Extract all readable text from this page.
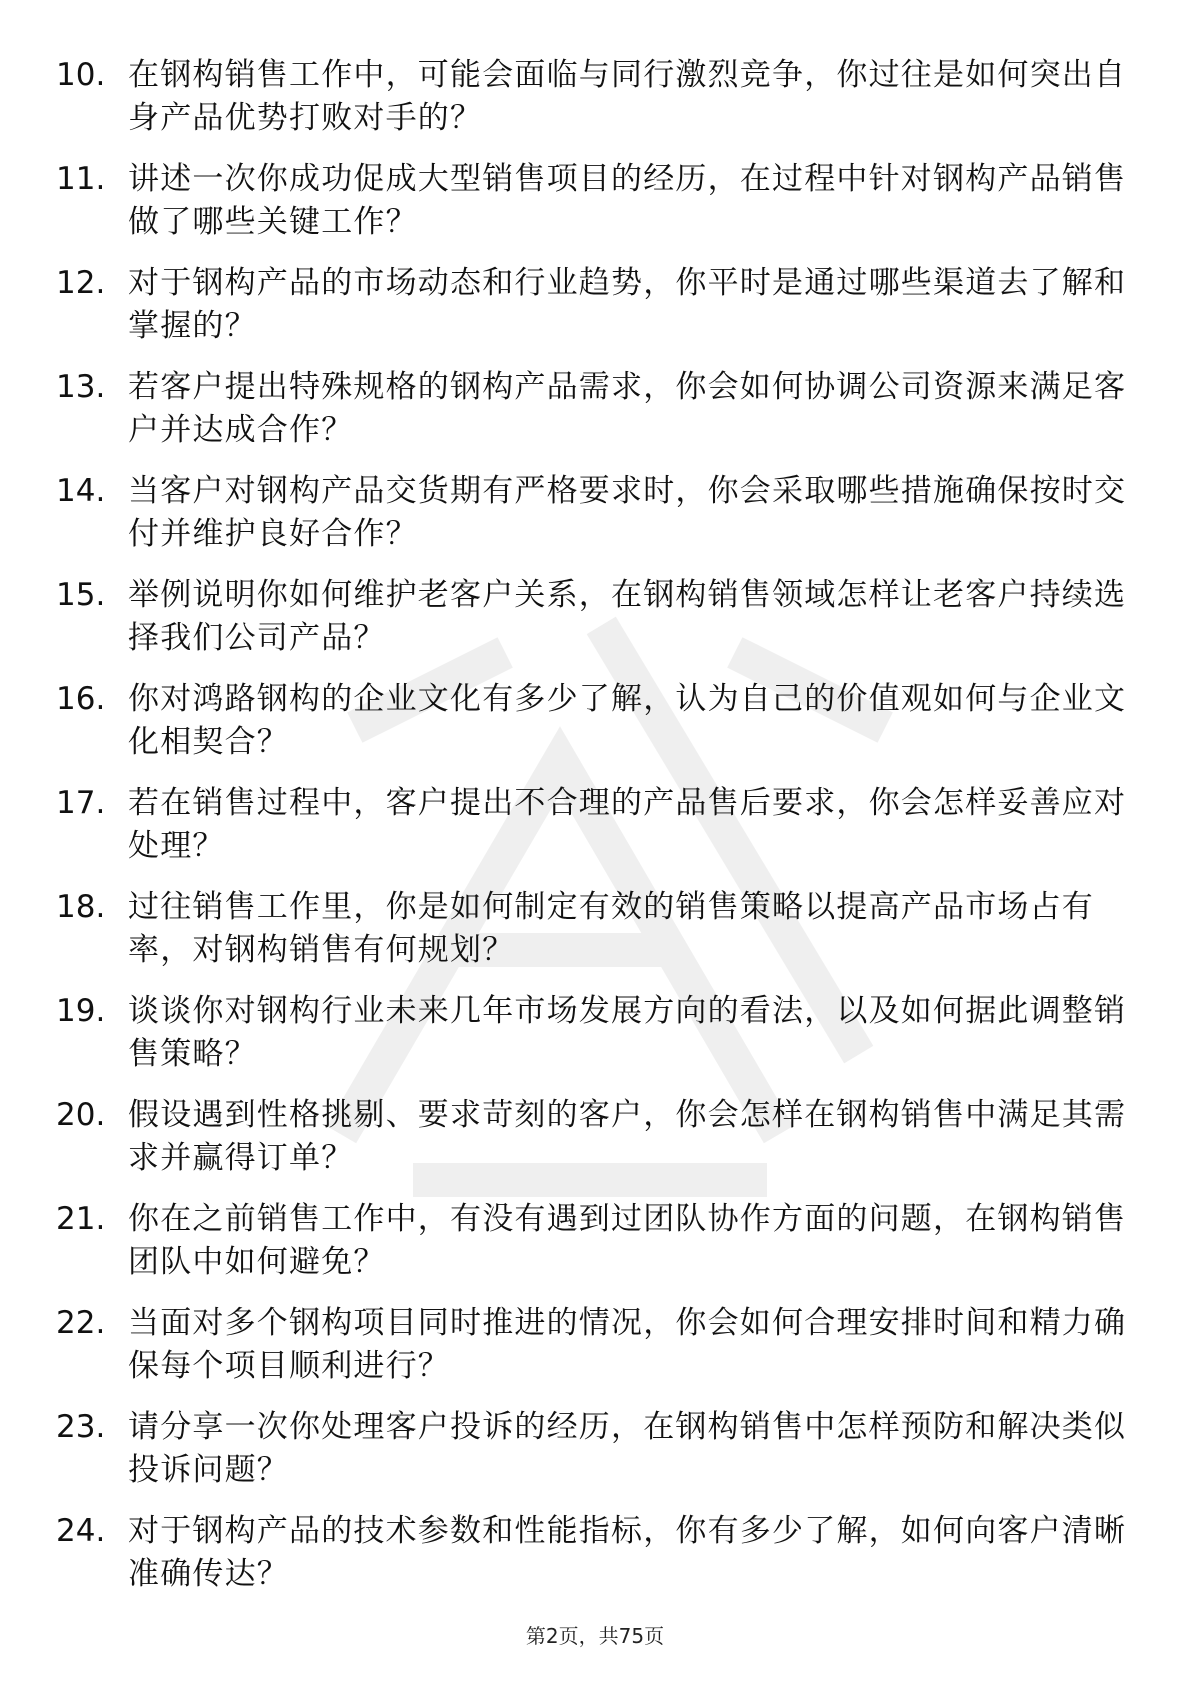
10. 在钢构销售工作中，可能会面临与同行激烈竞争，你过往是如何突出自身产品优势打败对手的？
11. 讲述一次你成功促成大型销售项目的经历，在过程中针对钢构产品销售做了哪些关键工作？
12. 对于钢构产品的市场动态和行业趋势，你平时是通过哪些渠道去了解和掌握的？
13. 若客户提出特殊规格的钢构产品需求，你会如何协调公司资源来满足客户并达成合作？
14. 当客户对钢构产品交货期有严格要求时，你会采取哪些措施确保按时交付并维护良好合作？
15. 举例说明你如何维护老客户关系，在钢构销售领域怎样让老客户持续选择我们公司产品？
16. 你对鸿路钢构的企业文化有多少了解，认为自己的价值观如何与企业文化相契合？
17. 若在销售过程中，客户提出不合理的产品售后要求，你会怎样妥善应对处理？
18. 过往销售工作里，你是如何制定有效的销售策略以提高产品市场占有率，对钢构销售有何规划？
19. 谈谈你对钢构行业未来几年市场发展方向的看法，以及如何据此调整销售策略？
20. 假设遇到性格挑剔、要求苛刻的客户，你会怎样在钢构销售中满足其需求并赢得订单？
21. 你在之前销售工作中，有没有遇到过团队协作方面的问题，在钢构销售团队中如何避免？
22. 当面对多个钢构项目同时推进的情况，你会如何合理安排时间和精力确保每个项目顺利进行？
23. 请分享一次你处理客户投诉的经历，在钢构销售中怎样预防和解决类似投诉问题？
24. 对于钢构产品的技术参数和性能指标，你有多少了解，如何向客户清晰准确传达？
第2页，共75页
